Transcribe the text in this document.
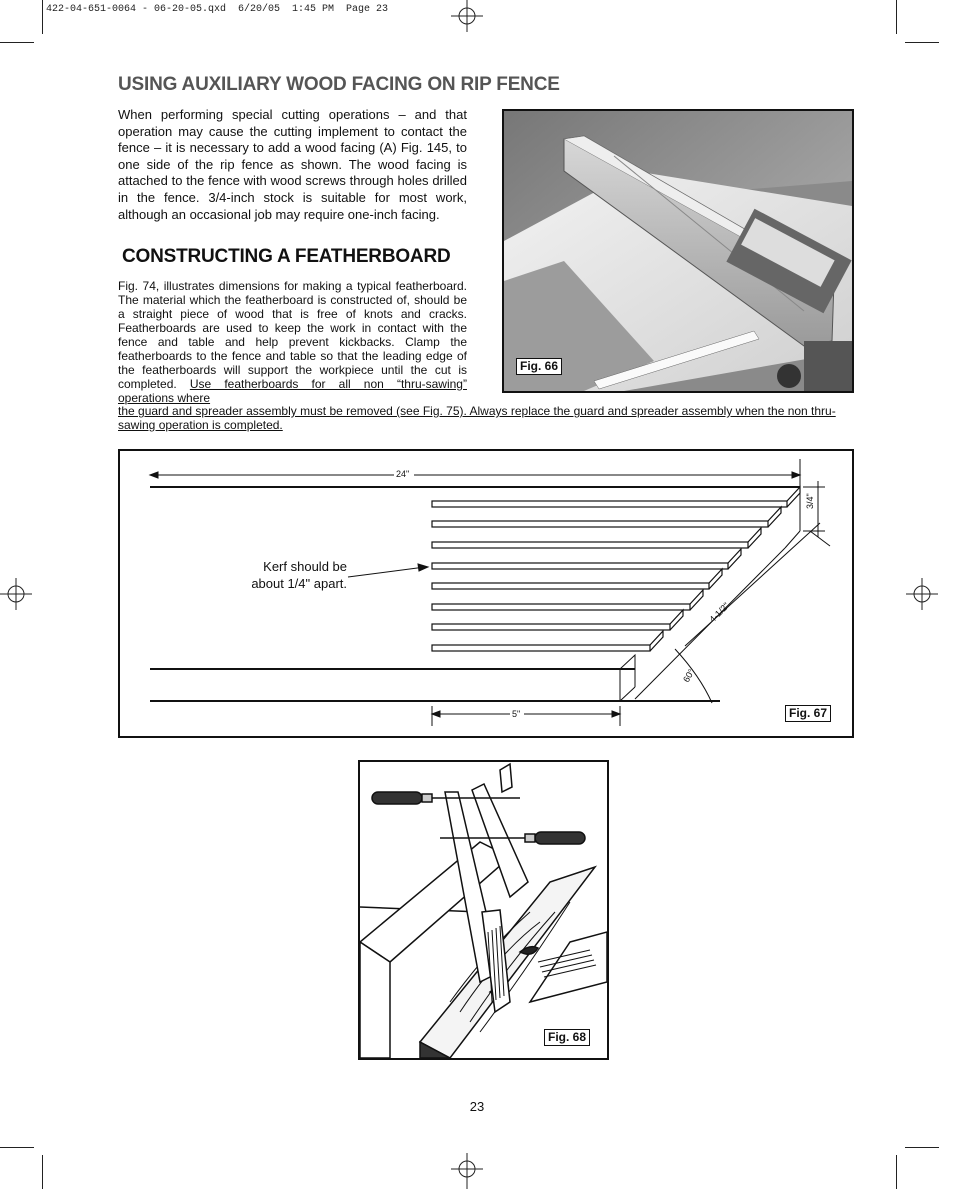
422-04-651-0064 - 06-20-05.qxd  6/20/05  1:45 PM  Page 23
USING AUXILIARY WOOD FACING ON RIP FENCE
When performing special cutting operations – and that operation may cause the cutting implement to contact the fence – it is necessary to add a wood facing (A) Fig. 145, to one side of the rip fence as shown. The wood facing is attached to the fence with wood screws through holes drilled in the fence. 3/4-inch stock is suitable for most work, although an occasional job may require one-inch facing.
CONSTRUCTING A FEATHERBOARD
Fig. 74, illustrates dimensions for making a typical featherboard. The material which the featherboard is constructed of, should be a straight piece of wood that is free of knots and cracks. Featherboards are used to keep the work in contact with the fence and table and help prevent kickbacks. Clamp the featherboards to the fence and table so that the leading edge of the featherboards will support the workpiece until the cut is completed. Use featherboards for all non “thru-sawing” operations where
the guard and spreader assembly must be removed (see Fig. 75). Always replace the guard and spreader assembly when the non thru-sawing operation is completed.
Fig. 66
24"
3/4"
4-1/2"
60°
5"
Kerf should be
about 1/4" apart.
Fig. 67
Fig. 68
23
